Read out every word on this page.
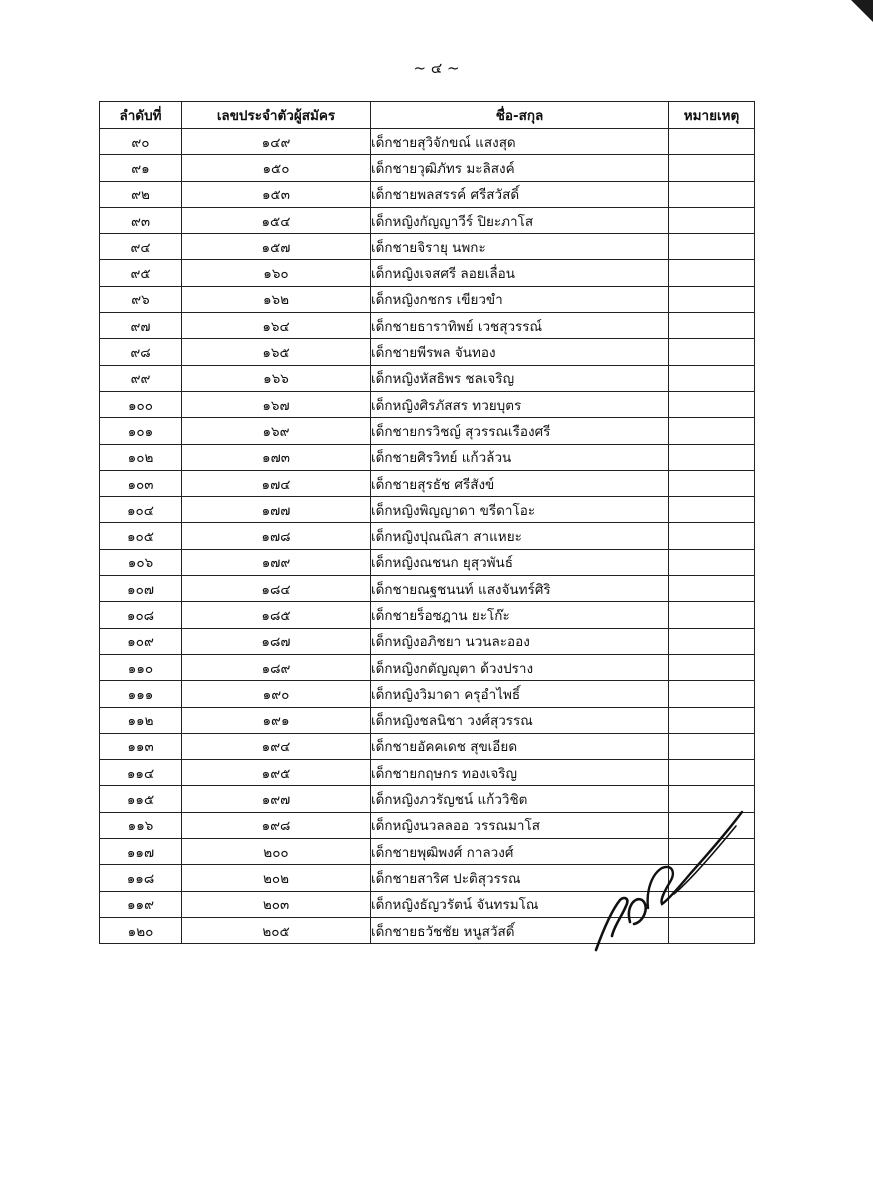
~ ๔ ~
ลำดับที่	เลขประจำตัวผู้สมัคร	ชื่อ-สกุล	หมายเหตุ
๙๐	๑๔๙	เด็กชายสุวิจักขณ์ แสงสุด	
๙๑	๑๕๐	เด็กชายวุฒิภัทร มะลิสงค์	
๙๒	๑๕๓	เด็กชายพลสรรค์ ศรีสวัสดิ์	
๙๓	๑๕๔	เด็กหญิงกัญญาวีร์ ปิยะภาโส	
๙๔	๑๕๗	เด็กชายจิรายุ นพกะ	
๙๕	๑๖๐	เด็กหญิงเจสศรี ลอยเลื่อน	
๙๖	๑๖๒	เด็กหญิงกชกร เขียวขำ	
๙๗	๑๖๔	เด็กชายธาราทิพย์ เวชสุวรรณ์	
๙๘	๑๖๕	เด็กชายพีรพล จันทอง	
๙๙	๑๖๖	เด็กหญิงหัสธิพร ชลเจริญ	
๑๐๐	๑๖๗	เด็กหญิงศิรภัสสร ทวยบุตร	
๑๐๑	๑๖๙	เด็กชายกรวิชญ์ สุวรรณเรืองศรี	
๑๐๒	๑๗๓	เด็กชายศิรวิทย์ แก้วล้วน	
๑๐๓	๑๗๔	เด็กชายสุรธัช ศรีสังข์	
๑๐๔	๑๗๗	เด็กหญิงพิญญาดา ขรีดาโอะ	
๑๐๕	๑๗๘	เด็กหญิงปุณณิสา สาแหยะ	
๑๐๖	๑๗๙	เด็กหญิงณชนก ยุสุวพันธ์	
๑๐๗	๑๘๔	เด็กชายณฐชนนท์ แสงจันทร์ศิริ	
๑๐๘	๑๘๕	เด็กชายร็อซฎาน ยะโก๊ะ	
๑๐๙	๑๘๗	เด็กหญิงอภิชยา นวนละออง	
๑๑๐	๑๘๙	เด็กหญิงกตัญญุตา ด้วงปราง	
๑๑๑	๑๙๐	เด็กหญิงวิมาดา ครุอำไพธิ์	
๑๑๒	๑๙๑	เด็กหญิงชลนิชา วงศ์สุวรรณ	
๑๑๓	๑๙๔	เด็กชายอัคคเดช สุขเอียด	
๑๑๔	๑๙๕	เด็กชายกฤษกร ทองเจริญ	
๑๑๕	๑๙๗	เด็กหญิงภวรัญชน์ แก้ววิชิต	
๑๑๖	๑๙๘	เด็กหญิงนวลลออ วรรณมาโส	
๑๑๗	๒๐๐	เด็กชายพุฒิพงศ์ กาลวงศ์	
๑๑๘	๒๐๒	เด็กชายสาริศ ปะติสุวรรณ	
๑๑๙	๒๐๓	เด็กหญิงธัญวรัตน์ จันทรมโณ	
๑๒๐	๒๐๕	เด็กชายธวัชชัย หนูสวัสดิ์	
